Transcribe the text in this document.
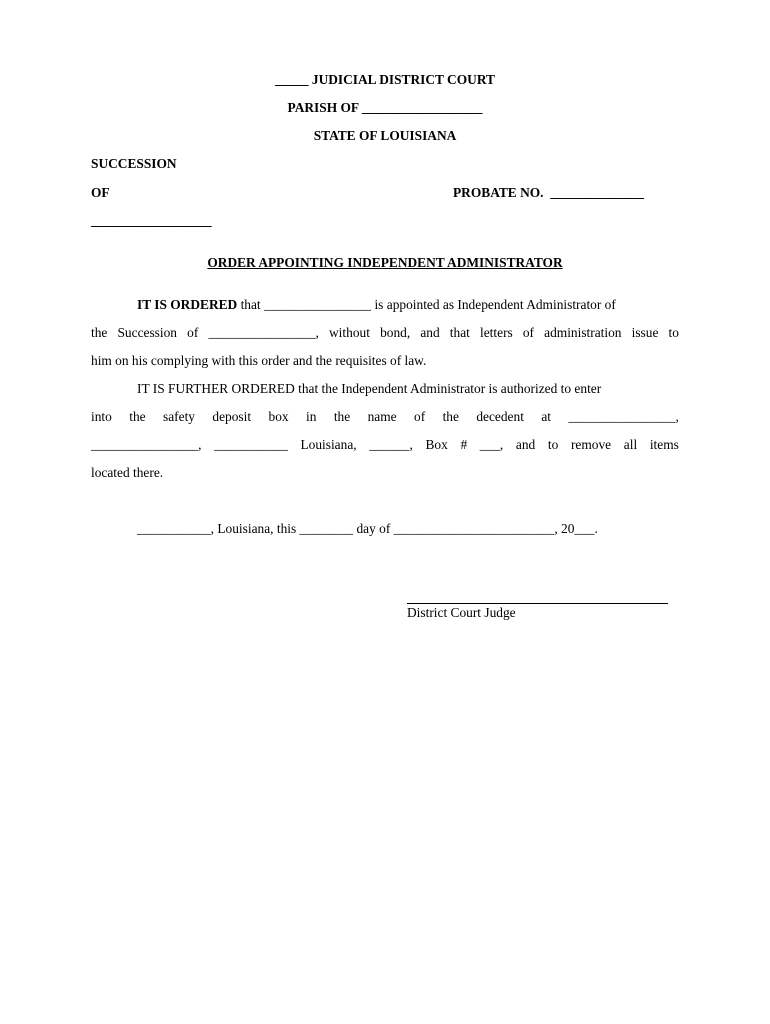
_____ JUDICIAL DISTRICT COURT
PARISH OF __________________
STATE OF LOUISIANA
SUCCESSION
OF	PROBATE NO.  ______________
__________________
ORDER APPOINTING INDEPENDENT ADMINISTRATOR
IT IS ORDERED that ________________ is appointed as Independent Administrator of
the Succession of ________________, without bond, and that letters of administration issue to
him on his complying with this order and the requisites of law.
IT IS FURTHER ORDERED that the Independent Administrator is authorized to enter
into the safety deposit box in the name of the decedent at ________________,
________________, ___________ Louisiana, ______, Box # ___, and to remove all items
located there.
___________, Louisiana, this ________ day of ________________________, 20___.
District Court Judge
